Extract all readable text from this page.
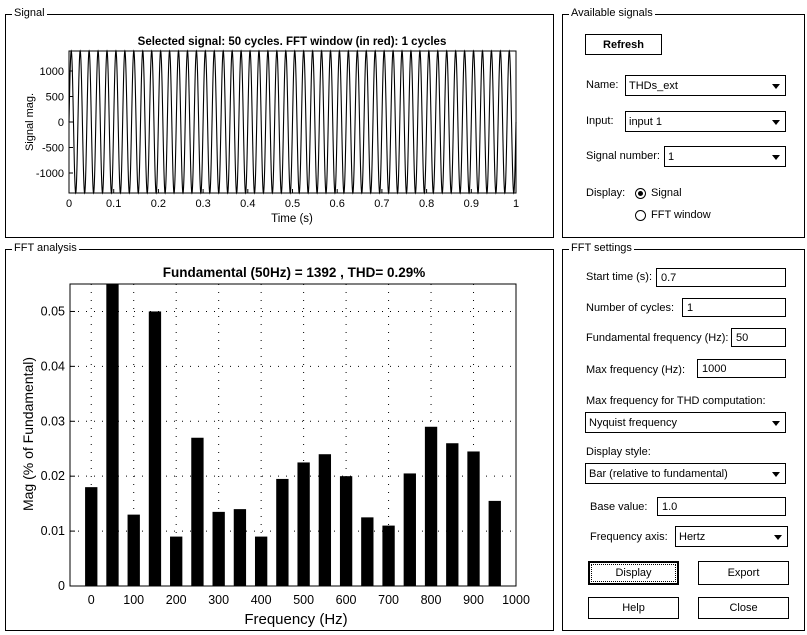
Signal
Selected signal: 50 cycles. FFT window (in red): 1 cycles
0	0.1	0.2	0.3	0.4	0.5	0.6	0.7	0.8	0.9	1
1000
500
0
-500
-1000
Time (s)
Signal mag.
FFT analysis
Fundamental (50Hz) = 1392 , THD= 0.29%
0 100 200 300 400 500 600 700 800 900 1000
0
0.01
0.02
0.03
0.04
0.05
Frequency (Hz)
Mag (% of Fundamental)
Available signals
Refresh
Name: THDs_ext
Input: input 1
Signal number: 1
Display: Signal
FFT window
FFT settings
Start time (s):
0.7
Number of cycles:
1
Fundamental frequency (Hz):
50
Max frequency (Hz):
1000
Max frequency for THD computation:
Nyquist frequency
Display style:
Bar (relative to fundamental)
Base value:
1.0
Frequency axis: Hertz
Display	Export
Help	Close
